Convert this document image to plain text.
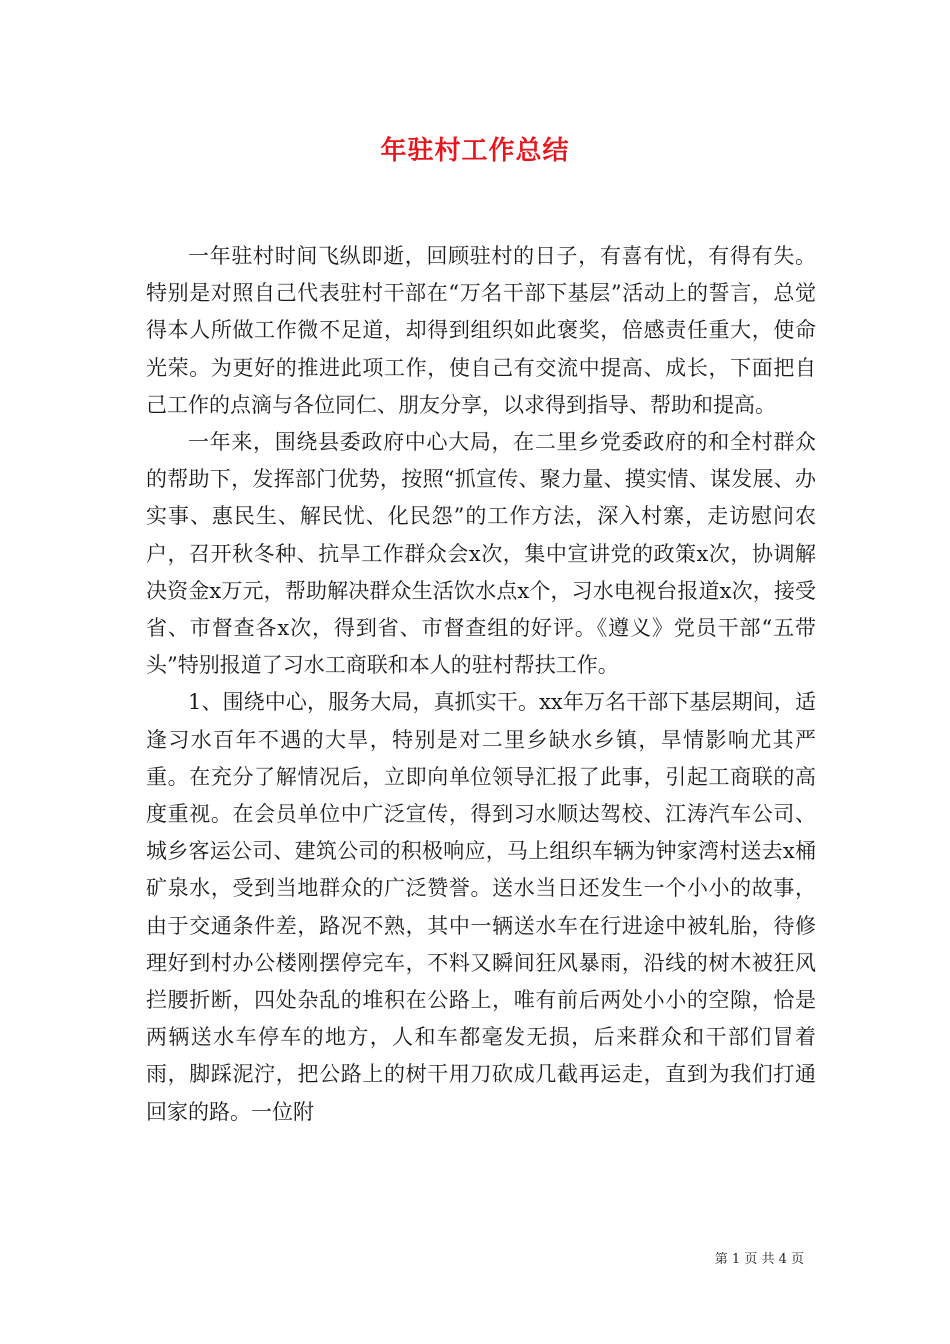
年驻村工作总结

一年驻村时间飞纵即逝，回顾驻村的日子，有喜有忧，有得有失。特别是对照自己代表驻村干部在“万名干部下基层”活动上的誓言，总觉得本人所做工作微不足道，却得到组织如此褒奖，倍感责任重大，使命光荣。为更好的推进此项工作，使自己有交流中提高、成长，下面把自己工作的点滴与各位同仁、朋友分享，以求得到指导、帮助和提高。

一年来，围绕县委政府中心大局，在二里乡党委政府的和全村群众的帮助下，发挥部门优势，按照“抓宣传、聚力量、摸实情、谋发展、办实事、惠民生、解民忧、化民怨”的工作方法，深入村寨，走访慰问农户，召开秋冬种、抗旱工作群众会x次，集中宣讲党的政策x次，协调解决资金x万元，帮助解决群众生活饮水点x个，习水电视台报道x次，接受省、市督查各x次，得到省、市督查组的好评。《遵义》党员干部“五带头”特别报道了习水工商联和本人的驻村帮扶工作。

1、围绕中心，服务大局，真抓实干。xx年万名干部下基层期间，适逢习水百年不遇的大旱，特别是对二里乡缺水乡镇，旱情影响尤其严重。在充分了解情况后，立即向单位领导汇报了此事，引起工商联的高度重视。在会员单位中广泛宣传，得到习水顺达驾校、江涛汽车公司、城乡客运公司、建筑公司的积极响应，马上组织车辆为钟家湾村送去x桶矿泉水，受到当地群众的广泛赞誉。送水当日还发生一个小小的故事，由于交通条件差，路况不熟，其中一辆送水车在行进途中被轧胎，待修理好到村办公楼刚摆停完车，不料又瞬间狂风暴雨，沿线的树木被狂风拦腰折断，四处杂乱的堆积在公路上，唯有前后两处小小的空隙，恰是两辆送水车停车的地方，人和车都毫发无损，后来群众和干部们冒着雨，脚踩泥泞，把公路上的树干用刀砍成几截再运走，直到为我们打通回家的路。一位附

第 1 页 共 4 页
